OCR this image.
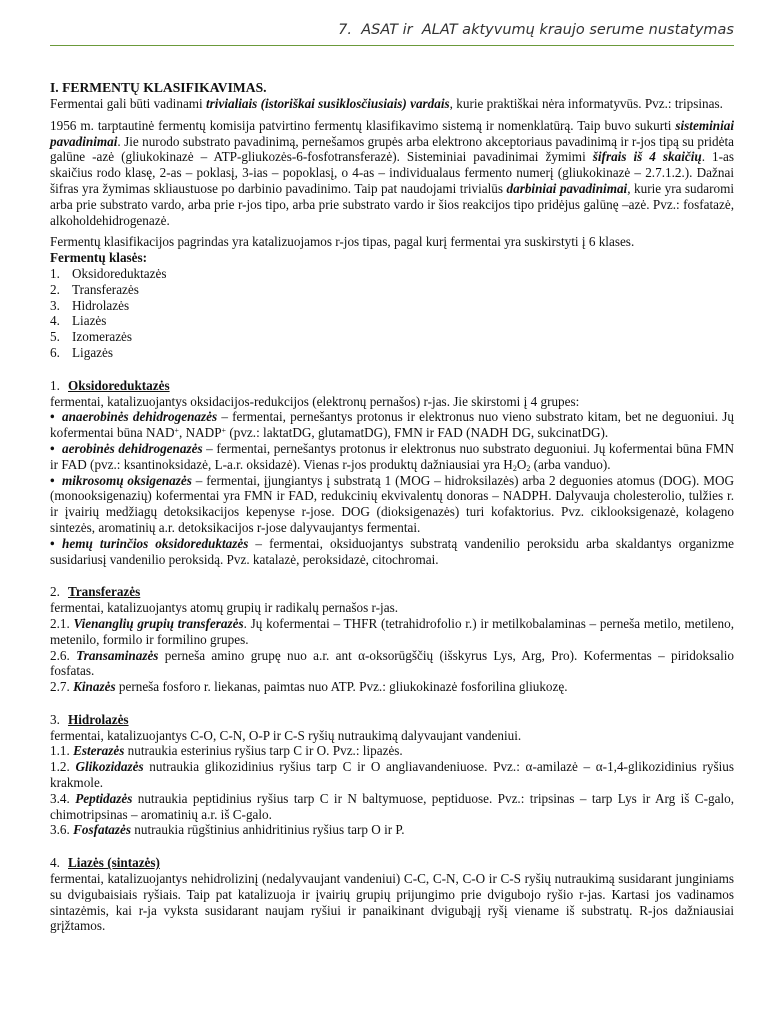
7.  ASAT ir  ALAT aktyvumų kraujo serume nustatymas
I. FERMENTŲ KLASIFIKAVIMAS.

Fermentai gali būti vadinami trivialiais (istoriškai susiklosčiusiais) vardais, kurie praktiškai nėra informatyvūs. Pvz.: tripsinas.

1956 m. tarptautinė fermentų komisija patvirtino fermentų klasifikavimo sistemą ir nomenklatūrą. Taip buvo sukurti sisteminiai pavadinimai. Jie nurodo substrato pavadinimą, pernešamos grupės arba elektrono akceptoriaus pavadinimą ir r-jos tipą su pridėta galūne -azė (gliukokinazė – ATP-gliukozės-6-fosfotransferazė). Sisteminiai pavadinimai žymimi šifrais iš 4 skaičių. 1-as skaičius rodo klasę, 2-as – poklasį, 3-ias – popoklasį, o 4-as – individualaus fermento numerį (gliukokinazė – 2.7.1.2.). Dažnai šifras yra žymimas skliaustuose po darbinio pavadinimo. Taip pat naudojami trivialūs darbiniai pavadinimai, kurie yra sudaromi arba prie substrato vardo, arba prie r-jos tipo, arba prie substrato vardo ir šios reakcijos tipo pridėjus galūnę –azė. Pvz.: fosfatazė, alkoholdehidrogenazė.

Fermentų klasifikacijos pagrindas yra katalizuojamos r-jos tipas, pagal kurį fermentai yra suskirstyti į 6 klases.

Fermentų klasės:

1. Oksidoreduktazės
2. Transferazės
3. Hidrolazės
4. Liazės
5. Izomerazės
6. Ligazės

1. Oksidoreduktazės

fermentai, katalizuojantys oksidacijos-redukcijos (elektronų pernašos) r-jas. Jie skirstomi į 4 grupes:

• anaerobinės dehidrogenazės – fermentai, pernešantys protonus ir elektronus nuo vieno substrato kitam, bet ne deguoniui. Jų kofermentai būna NAD+, NADP+ (pvz.: laktatDG, glutamatDG), FMN ir FAD (NADH DG, sukcinatDG).

• aerobinės dehidrogenazės – fermentai, pernešantys protonus ir elektronus nuo substrato deguoniui. Jų kofermentai būna FMN ir FAD (pvz.: ksantinoksidazė, L-a.r. oksidazė). Vienas r-jos produktų dažniausiai yra $H_2O_2$ (arba vanduo).

• mikrosomų oksigenazės – fermentai, įjungiantys į substratą 1 (MOG – hidroksilazės) arba 2 deguonies atomus (DOG). MOG (monooksigenazių) kofermentai yra FMN ir FAD, redukcinių ekvivalentų donoras – NADPH. Dalyvauja cholesterolio, tulžies r. ir įvairių medžiagų detoksikacijos kepenyse r-jose. DOG (dioksigenazės) turi kofaktorius. Pvz. ciklooksigenazė, kolageno sintezės, aromatinių a.r. detoksikacijos r-jose dalyvaujantys fermentai.

• hemų turinčios oksidoreduktazės – fermentai, oksiduojantys substratą vandenilio peroksidu arba skaldantys organizme susidariusį vandenilio peroksidą. Pvz. katalazė, peroksidazė, citochromai.

2. Transferazės

fermentai, katalizuojantys atomų grupių ir radikalų pernašos r-jas.

2.1. Vienanglių grupių transferazės. Jų kofermentai – THFR (tetrahidrofolio r.) ir metilkobalaminas – perneša metilo, metileno, metenilo, formilo ir formilino grupes.

2.6. Transaminazės perneša amino grupę nuo a.r. ant α-oksorūgščių (išskyrus Lys, Arg, Pro). Kofermentas – piridoksalio fosfatas.

2.7. Kinazės perneša fosforo r. liekanas, paimtas nuo ATP. Pvz.: gliukokinazė fosforilina gliukozę.

3. Hidrolazės

fermentai, katalizuojantys C-O, C-N, O-P ir C-S ryšių nutraukimą dalyvaujant vandeniui.

1.1. Esterazės nutraukia esterinius ryšius tarp C ir O. Pvz.: lipazės.

1.2. Glikozidazės nutraukia glikozidinius ryšius tarp C ir O angliavandeniuose. Pvz.: α-amilazė – α-1,4-glikozidinius ryšius krakmole.

3.4. Peptidazės nutraukia peptidinius ryšius tarp C ir N baltymuose, peptiduose. Pvz.: tripsinas – tarp Lys ir Arg iš C-galo, chimotripsinas – aromatinių a.r. iš C-galo.

3.6. Fosfatazės nutraukia rūgštinius anhidritinius ryšius tarp O ir P.

4. Liazės (sintazės)

fermentai, katalizuojantys nehidrolizinį (nedalyvaujant vandeniui) C-C, C-N, C-O ir C-S ryšių nutraukimą susidarant junginiams su dvigubaisiais ryšiais. Taip pat katalizuoja ir įvairių grupių prijungimo prie dvigubojo ryšio r-jas. Kartasi jos vadinamos sintazėmis, kai r-ja vyksta susidarant naujam ryšiui ir panaikinant dvigubąjį ryšį viename iš substratų. R-jos dažniausiai grįžtamos.
